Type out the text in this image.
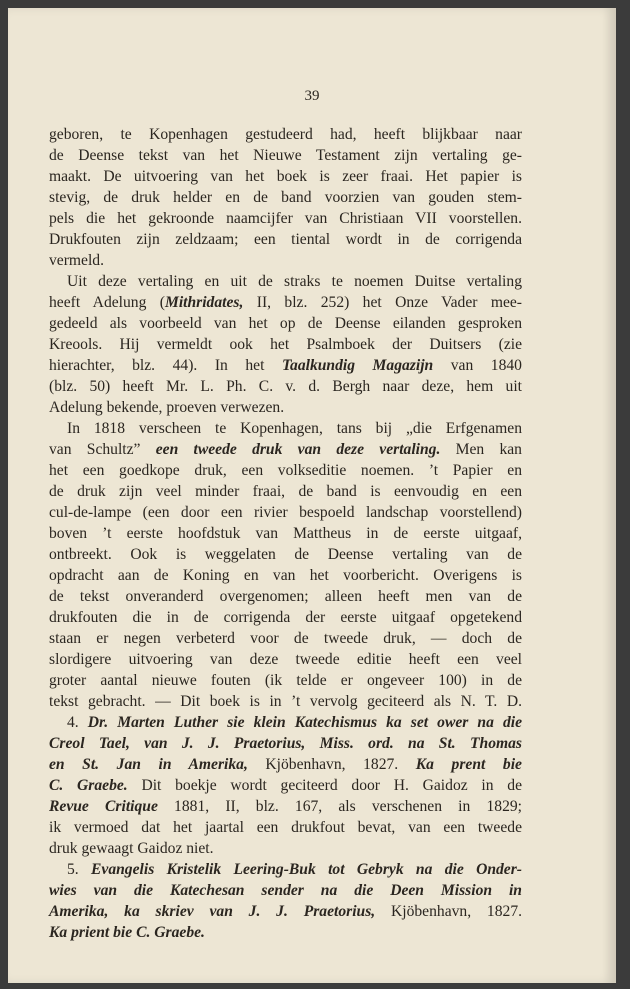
39
geboren, te Kopenhagen gestudeerd had, heeft blijkbaar naar
de Deense tekst van het Nieuwe Testament zijn vertaling ge-
maakt. De uitvoering van het boek is zeer fraai. Het papier is
stevig, de druk helder en de band voorzien van gouden stem-
pels die het gekroonde naamcijfer van Christiaan VII voorstellen.
Drukfouten zijn zeldzaam; een tiental wordt in de corrigenda
vermeld.
Uit deze vertaling en uit de straks te noemen Duitse vertaling
heeft Adelung (Mithridates, II, blz. 252) het Onze Vader mee-
gedeeld als voorbeeld van het op de Deense eilanden gesproken
Kreools. Hij vermeldt ook het Psalmboek der Duitsers (zie
hierachter, blz. 44). In het Taalkundig Magazijn van 1840
(blz. 50) heeft Mr. L. Ph. C. v. d. Bergh naar deze, hem uit
Adelung bekende, proeven verwezen.
In 1818 verscheen te Kopenhagen, tans bij „die Erfgenamen
van Schultz” een tweede druk van deze vertaling. Men kan
het een goedkope druk, een volkseditie noemen. ’t Papier en
de druk zijn veel minder fraai, de band is eenvoudig en een
cul-de-lampe (een door een rivier bespoeld landschap voorstellend)
boven ’t eerste hoofdstuk van Mattheus in de eerste uitgaaf,
ontbreekt. Ook is weggelaten de Deense vertaling van de
opdracht aan de Koning en van het voorbericht. Overigens is
de tekst onveranderd overgenomen; alleen heeft men van de
drukfouten die in de corrigenda der eerste uitgaaf opgetekend
staan er negen verbeterd voor de tweede druk, — doch de
slordigere uitvoering van deze tweede editie heeft een veel
groter aantal nieuwe fouten (ik telde er ongeveer 100) in de
tekst gebracht. — Dit boek is in ’t vervolg geciteerd als N. T. D.
4. Dr. Marten Luther sie klein Katechismus ka set ower na die
Creol Tael, van J. J. Praetorius, Miss. ord. na St. Thomas
en St. Jan in Amerika, Kjöbenhavn, 1827. Ka prent bie
C. Graebe. Dit boekje wordt geciteerd door H. Gaidoz in de
Revue Critique 1881, II, blz. 167, als verschenen in 1829;
ik vermoed dat het jaartal een drukfout bevat, van een tweede
druk gewaagt Gaidoz niet.
5. Evangelis Kristelik Leering-Buk tot Gebryk na die Onder-
wies van die Katechesan sender na die Deen Mission in
Amerika, ka skriev van J. J. Praetorius, Kjöbenhavn, 1827.
Ka prient bie C. Graebe.
